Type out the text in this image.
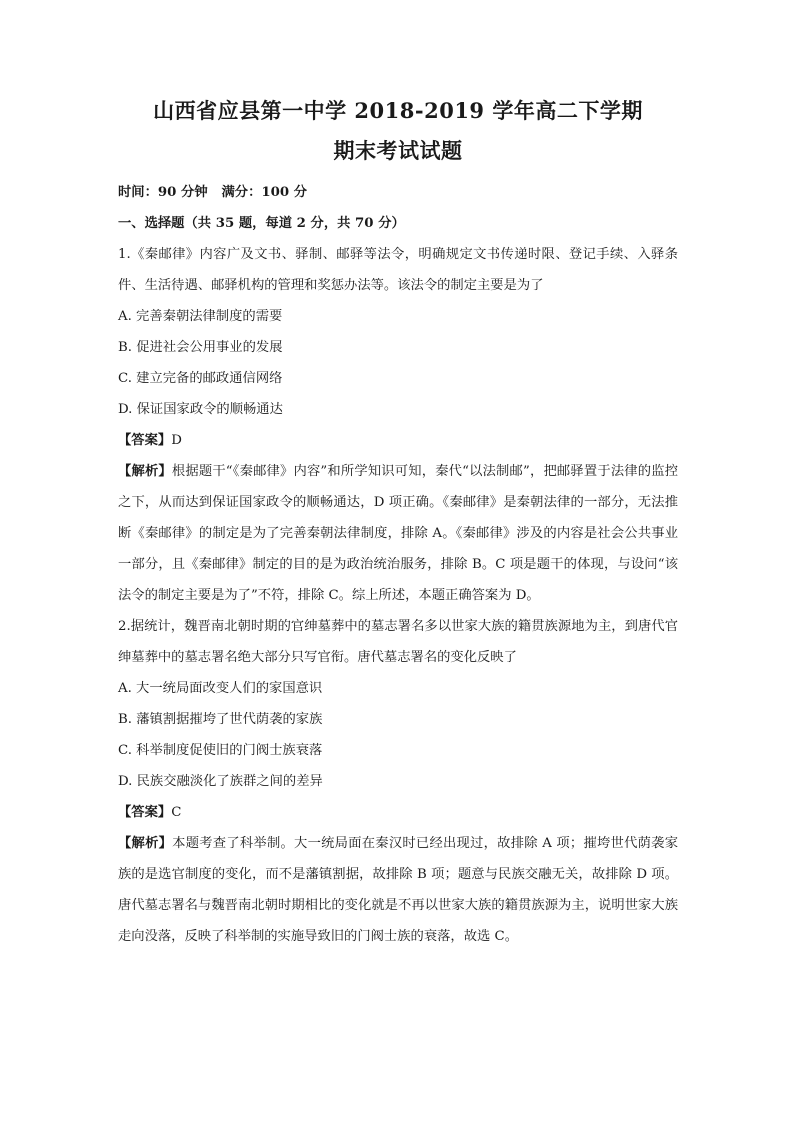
山西省应县第一中学 2018-2019 学年高二下学期
期末考试试题

时间：90 分钟 满分：100 分

一、选择题（共 35 题，每道 2 分，共 70 分）

1.《秦邮律》内容广及文书、驿制、邮驿等法令，明确规定文书传递时限、登记手续、入驿条件、生活待遇、邮驿机构的管理和奖惩办法等。该法令的制定主要是为了

A. 完善秦朝法律制度的需要

B. 促进社会公用事业的发展

C. 建立完备的邮政通信网络

D. 保证国家政令的顺畅通达

【答案】D

【解析】根据题干“《秦邮律》内容”和所学知识可知，秦代“以法制邮”，把邮驿置于法律的监控之下，从而达到保证国家政令的顺畅通达，D 项正确。《秦邮律》是秦朝法律的一部分，无法推断《秦邮律》的制定是为了完善秦朝法律制度，排除 A。《秦邮律》涉及的内容是社会公共事业一部分，且《秦邮律》制定的目的是为政治统治服务，排除 B。C 项是题干的体现，与设问“该法令的制定主要是为了”不符，排除 C。综上所述，本题正确答案为 D。

2.据统计，魏晋南北朝时期的官绅墓葬中的墓志署名多以世家大族的籍贯族源地为主，到唐代官绅墓葬中的墓志署名绝大部分只写官衔。唐代墓志署名的变化反映了

A. 大一统局面改变人们的家国意识

B. 藩镇割据摧垮了世代荫袭的家族

C. 科举制度促使旧的门阀士族衰落

D. 民族交融淡化了族群之间的差异

【答案】C

【解析】本题考查了科举制。大一统局面在秦汉时已经出现过，故排除 A 项；摧垮世代荫袭家族的是选官制度的变化，而不是藩镇割据，故排除 B 项；题意与民族交融无关，故排除 D 项。唐代墓志署名与魏晋南北朝时期相比的变化就是不再以世家大族的籍贯族源为主，说明世家大族走向没落，反映了科举制的实施导致旧的门阀士族的衰落，故选 C。
